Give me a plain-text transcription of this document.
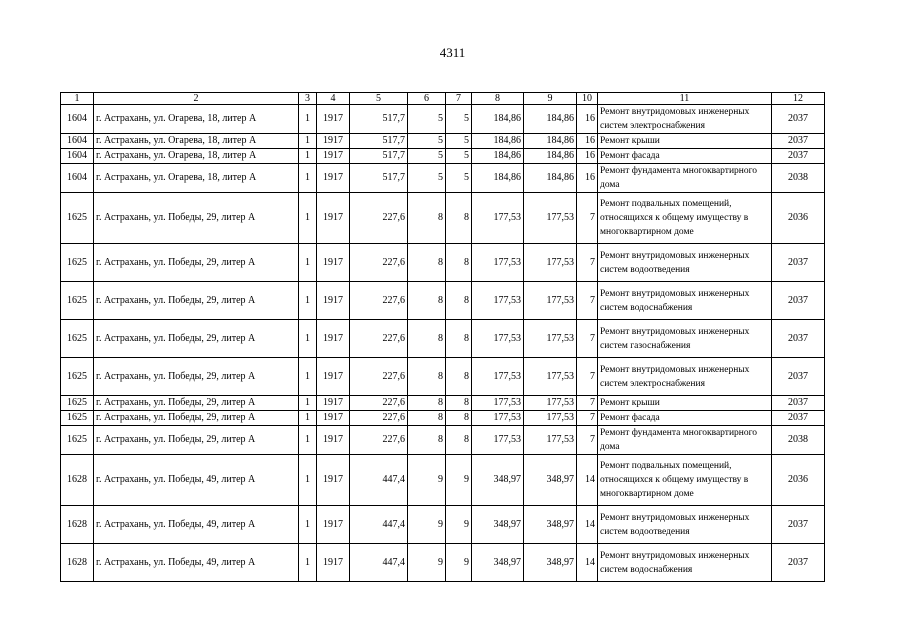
4311
1	2	3	4	5	6	7	8	9	10	11	12
1604	г. Астрахань, ул. Огарева, 18, литер А	1	1917	517,7	5	5	184,86	184,86	16	Ремонт внутридомовых инженерных систем электроснабжения	2037
1604	г. Астрахань, ул. Огарева, 18, литер А	1	1917	517,7	5	5	184,86	184,86	16	Ремонт крыши	2037
1604	г. Астрахань, ул. Огарева, 18, литер А	1	1917	517,7	5	5	184,86	184,86	16	Ремонт фасада	2037
1604	г. Астрахань, ул. Огарева, 18, литер А	1	1917	517,7	5	5	184,86	184,86	16	Ремонт фундамента многоквартирного дома	2038
1625	г. Астрахань, ул. Победы, 29, литер А	1	1917	227,6	8	8	177,53	177,53	7	Ремонт подвальных помещений, относящихся к общему имуществу в многоквартирном доме	2036
1625	г. Астрахань, ул. Победы, 29, литер А	1	1917	227,6	8	8	177,53	177,53	7	Ремонт внутридомовых инженерных систем водоотведения	2037
1625	г. Астрахань, ул. Победы, 29, литер А	1	1917	227,6	8	8	177,53	177,53	7	Ремонт внутридомовых инженерных систем водоснабжения	2037
1625	г. Астрахань, ул. Победы, 29, литер А	1	1917	227,6	8	8	177,53	177,53	7	Ремонт внутридомовых инженерных систем газоснабжения	2037
1625	г. Астрахань, ул. Победы, 29, литер А	1	1917	227,6	8	8	177,53	177,53	7	Ремонт внутридомовых инженерных систем электроснабжения	2037
1625	г. Астрахань, ул. Победы, 29, литер А	1	1917	227,6	8	8	177,53	177,53	7	Ремонт крыши	2037
1625	г. Астрахань, ул. Победы, 29, литер А	1	1917	227,6	8	8	177,53	177,53	7	Ремонт фасада	2037
1625	г. Астрахань, ул. Победы, 29, литер А	1	1917	227,6	8	8	177,53	177,53	7	Ремонт фундамента многоквартирного дома	2038
1628	г. Астрахань, ул. Победы, 49, литер А	1	1917	447,4	9	9	348,97	348,97	14	Ремонт подвальных помещений, относящихся к общему имуществу в многоквартирном доме	2036
1628	г. Астрахань, ул. Победы, 49, литер А	1	1917	447,4	9	9	348,97	348,97	14	Ремонт внутридомовых инженерных систем водоотведения	2037
1628	г. Астрахань, ул. Победы, 49, литер А	1	1917	447,4	9	9	348,97	348,97	14	Ремонт внутридомовых инженерных систем водоснабжения	2037
